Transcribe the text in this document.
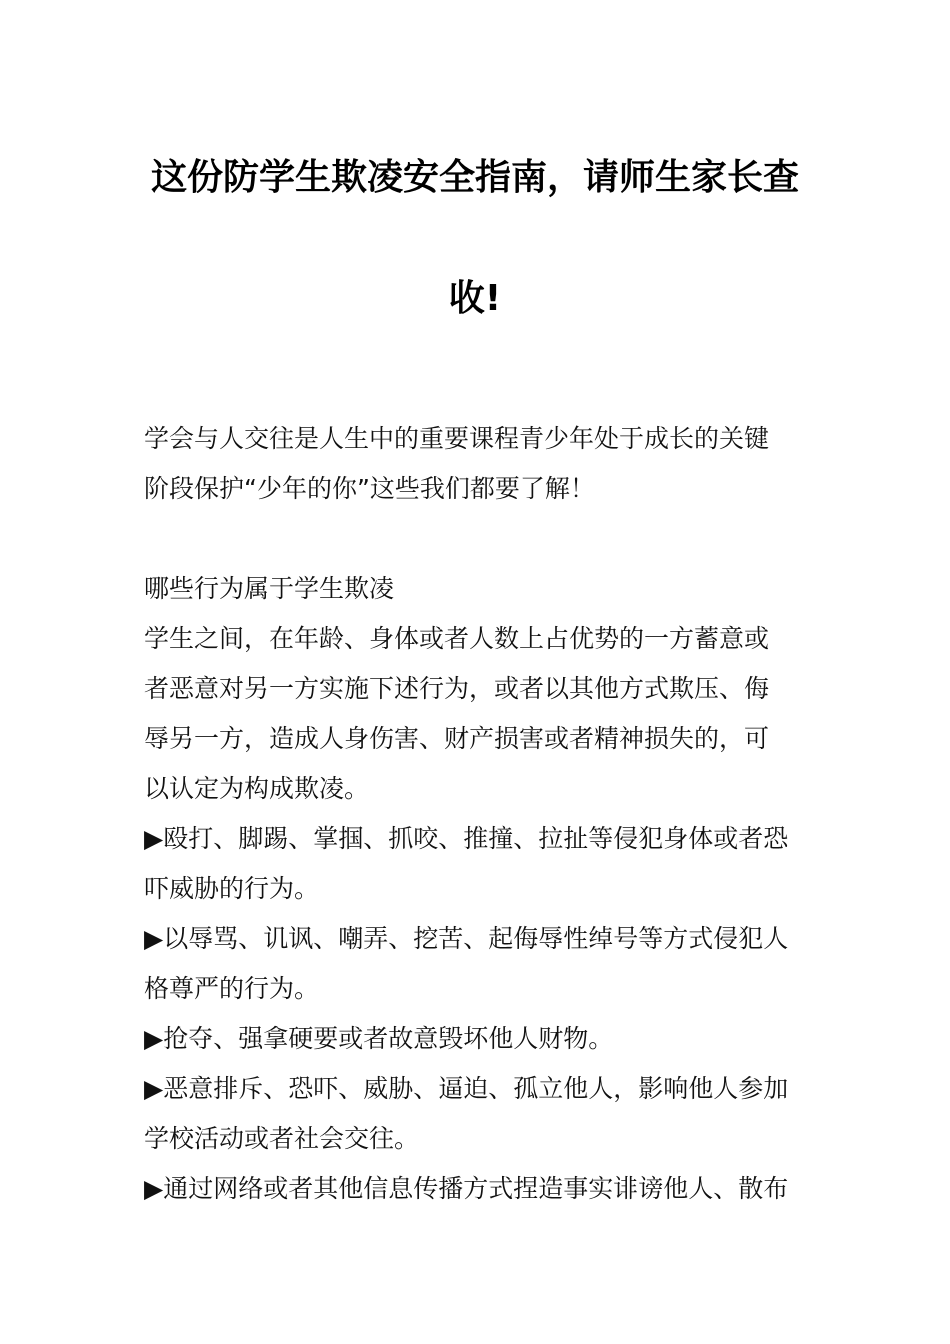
这份防学生欺凌安全指南，请师生家长查
收!
学会与人交往是人生中的重要课程青少年处于成长的关键
阶段保护“少年的你”这些我们都要了解！
哪些行为属于学生欺凌
学生之间，在年龄、身体或者人数上占优势的一方蓄意或
者恶意对另一方实施下述行为，或者以其他方式欺压、侮
辱另一方，造成人身伤害、财产损害或者精神损失的，可
以认定为构成欺凌。
▶殴打、脚踢、掌掴、抓咬、推撞、拉扯等侵犯身体或者恐
吓威胁的行为。
▶以辱骂、讥讽、嘲弄、挖苦、起侮辱性绰号等方式侵犯人
格尊严的行为。
▶抢夺、强拿硬要或者故意毁坏他人财物。
▶恶意排斥、恐吓、威胁、逼迫、孤立他人，影响他人参加
学校活动或者社会交往。
▶通过网络或者其他信息传播方式捏造事实诽谤他人、散布
